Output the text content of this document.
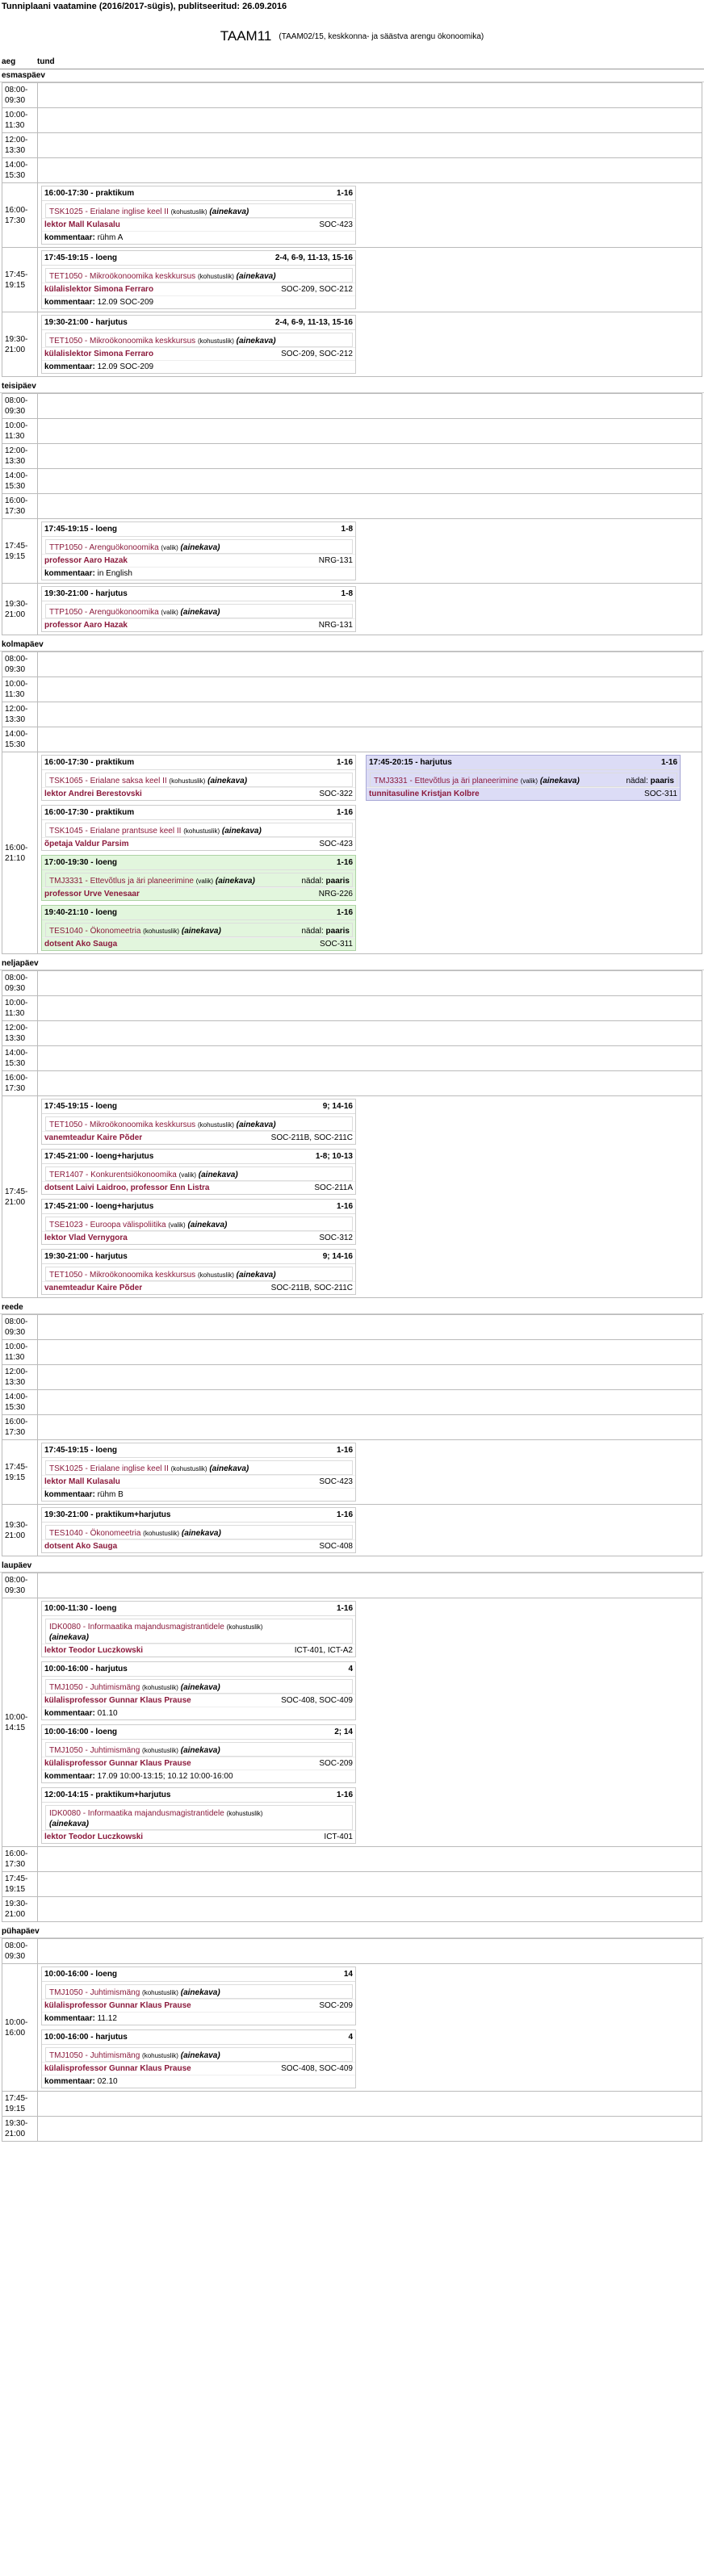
Tunniplaani vaatamine (2016/2017-sügis), publitseeritud: 26.09.2016
TAAM11 (TAAM02/15, keskkonna- ja säästva arengu ökonoomika)
aeg	tund
esmaspäev
08:00-
09:30
10:00-
11:30
12:00-
13:30
14:00-
15:30
16:00-
17:30
16:00-17:30 - praktikum	1-16
TSK1025 - Erialane inglise keel II (kohustuslik) (ainekava)
lektor Mall Kulasalu	SOC-423
kommentaar: rühm A
17:45-
19:15
17:45-19:15 - loeng	2-4, 6-9, 11-13, 15-16
TET1050 - Mikroökonoomika keskkursus (kohustuslik) (ainekava)
külalislektor Simona Ferraro	SOC-209, SOC-212
kommentaar: 12.09 SOC-209
19:30-
21:00
19:30-21:00 - harjutus	2-4, 6-9, 11-13, 15-16
TET1050 - Mikroökonoomika keskkursus (kohustuslik) (ainekava)
külalislektor Simona Ferraro	SOC-209, SOC-212
kommentaar: 12.09 SOC-209
teisipäev
08:00-
09:30
10:00-
11:30
12:00-
13:30
14:00-
15:30
16:00-
17:30
17:45-
19:15
17:45-19:15 - loeng	1-8
TTP1050 - Arenguökonoomika (valik) (ainekava)
professor Aaro Hazak	NRG-131
kommentaar: in English
19:30-
21:00
19:30-21:00 - harjutus	1-8
TTP1050 - Arenguökonoomika (valik) (ainekava)
professor Aaro Hazak	NRG-131
kolmapäev
08:00-
09:30
10:00-
11:30
12:00-
13:30
14:00-
15:30
16:00-
21:10
16:00-17:30 - praktikum	1-16
TSK1065 - Erialane saksa keel II (kohustuslik) (ainekava)
lektor Andrei Berestovski	SOC-322
16:00-17:30 - praktikum	1-16
TSK1045 - Erialane prantsuse keel II (kohustuslik) (ainekava)
õpetaja Valdur Parsim	SOC-423
17:00-19:30 - loeng	1-16
TMJ3331 - Ettevõtlus ja äri planeerimine (valik) (ainekava)	nädal: paaris
professor Urve Venesaar	NRG-226
19:40-21:10 - loeng	1-16
TES1040 - Ökonomeetria (kohustuslik) (ainekava)	nädal: paaris
dotsent Ako Sauga	SOC-311
17:45-20:15 - harjutus	1-16
TMJ3331 - Ettevõtlus ja äri planeerimine (valik) (ainekava)	nädal: paaris
tunnitasuline Kristjan Kolbre	SOC-311
neljapäev
08:00-
09:30
10:00-
11:30
12:00-
13:30
14:00-
15:30
16:00-
17:30
17:45-
21:00
17:45-19:15 - loeng	9; 14-16
TET1050 - Mikroökonoomika keskkursus (kohustuslik) (ainekava)
vanemteadur Kaire Põder	SOC-211B, SOC-211C
17:45-21:00 - loeng+harjutus	1-8; 10-13
TER1407 - Konkurentsiökonoomika (valik) (ainekava)
dotsent Laivi Laidroo, professor Enn Listra	SOC-211A
17:45-21:00 - loeng+harjutus	1-16
TSE1023 - Euroopa välispoliitika (valik) (ainekava)
lektor Vlad Vernygora	SOC-312
19:30-21:00 - harjutus	9; 14-16
TET1050 - Mikroökonoomika keskkursus (kohustuslik) (ainekava)
vanemteadur Kaire Põder	SOC-211B, SOC-211C
reede
08:00-
09:30
10:00-
11:30
12:00-
13:30
14:00-
15:30
16:00-
17:30
17:45-
19:15
17:45-19:15 - loeng	1-16
TSK1025 - Erialane inglise keel II (kohustuslik) (ainekava)
lektor Mall Kulasalu	SOC-423
kommentaar: rühm B
19:30-
21:00
19:30-21:00 - praktikum+harjutus	1-16
TES1040 - Ökonomeetria (kohustuslik) (ainekava)
dotsent Ako Sauga	SOC-408
laupäev
08:00-
09:30
10:00-
14:15
10:00-11:30 - loeng	1-16
IDK0080 - Informaatika majandusmagistrantidele (kohustuslik)
(ainekava)
lektor Teodor Luczkowski	ICT-401, ICT-A2
10:00-16:00 - harjutus	4
TMJ1050 - Juhtimismäng (kohustuslik) (ainekava)
külalisprofessor Gunnar Klaus Prause	SOC-408, SOC-409
kommentaar: 01.10
10:00-16:00 - loeng	2; 14
TMJ1050 - Juhtimismäng (kohustuslik) (ainekava)
külalisprofessor Gunnar Klaus Prause	SOC-209
kommentaar: 17.09 10:00-13:15; 10.12 10:00-16:00
12:00-14:15 - praktikum+harjutus	1-16
IDK0080 - Informaatika majandusmagistrantidele (kohustuslik)
(ainekava)
lektor Teodor Luczkowski	ICT-401
16:00-
17:30
17:45-
19:15
19:30-
21:00
pühapäev
08:00-
09:30
10:00-
16:00
10:00-16:00 - loeng	14
TMJ1050 - Juhtimismäng (kohustuslik) (ainekava)
külalisprofessor Gunnar Klaus Prause	SOC-209
kommentaar: 11.12
10:00-16:00 - harjutus	4
TMJ1050 - Juhtimismäng (kohustuslik) (ainekava)
külalisprofessor Gunnar Klaus Prause	SOC-408, SOC-409
kommentaar: 02.10
17:45-
19:15
19:30-
21:00
